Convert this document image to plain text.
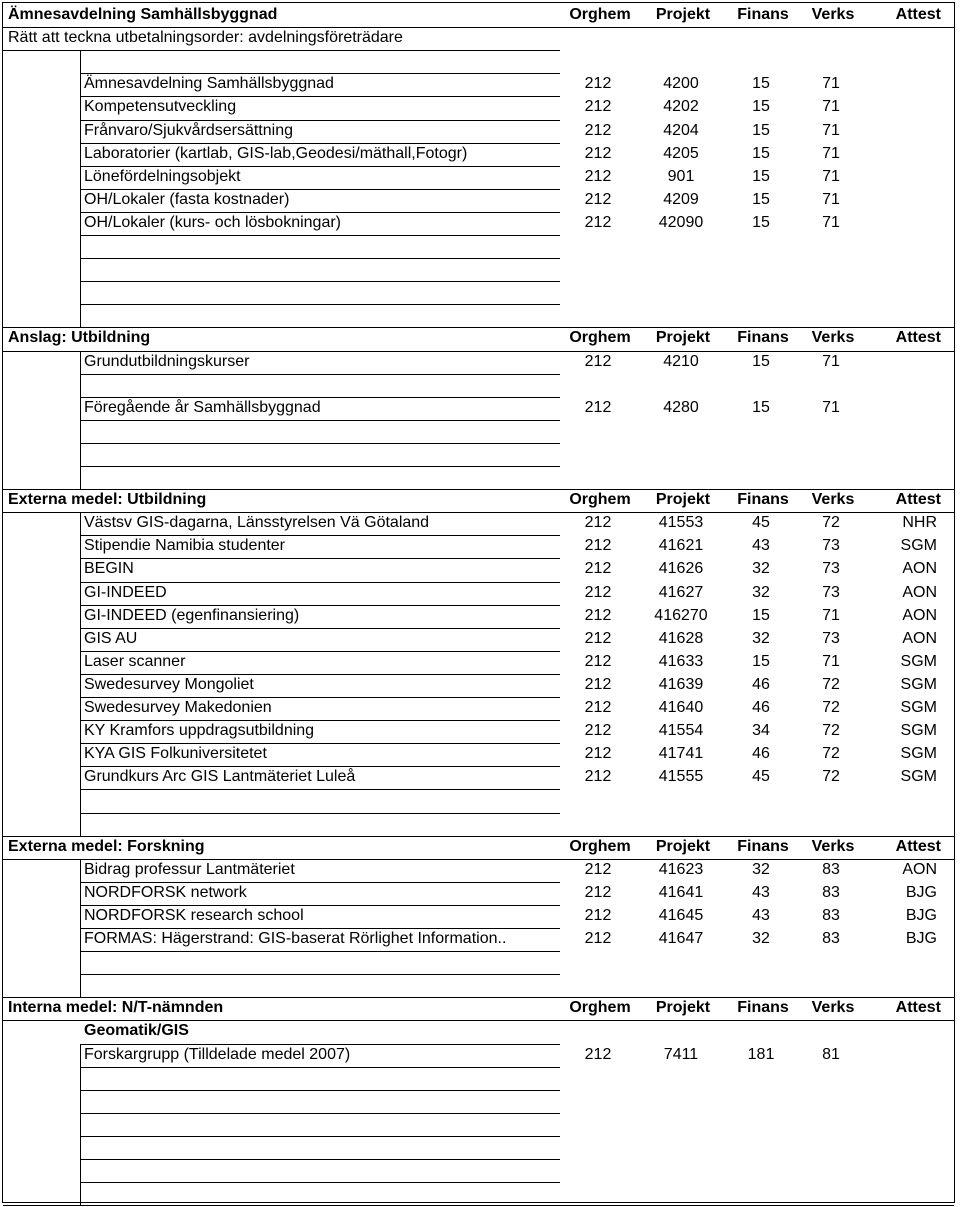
Ämnesavdelning Samhällsbyggnad	Orghem	Projekt	Finans	Verks	Attest
Rätt att teckna utbetalningsorder: avdelningsföreträdare
Ämnesavdelning Samhällsbyggnad	212	4200	15	71
Kompetensutveckling	212	4202	15	71
Frånvaro/Sjukvårdsersättning	212	4204	15	71
Laboratorier (kartlab, GIS-lab,Geodesi/mäthall,Fotogr)	212	4205	15	71
Lönefördelningsobjekt	212	901	15	71
OH/Lokaler (fasta kostnader)	212	4209	15	71
OH/Lokaler (kurs- och lösbokningar)	212	42090	15	71
Anslag: Utbildning	Orghem	Projekt	Finans	Verks	Attest
Grundutbildningskurser	212	4210	15	71
Föregående år Samhällsbyggnad	212	4280	15	71
Externa medel: Utbildning	Orghem	Projekt	Finans	Verks	Attest
Västsv GIS-dagarna, Länsstyrelsen Vä Götaland	212	41553	45	72	NHR
Stipendie Namibia studenter	212	41621	43	73	SGM
BEGIN	212	41626	32	73	AON
GI-INDEED	212	41627	32	73	AON
GI-INDEED (egenfinansiering)	212	416270	15	71	AON
GIS AU	212	41628	32	73	AON
Laser scanner	212	41633	15	71	SGM
Swedesurvey Mongoliet	212	41639	46	72	SGM
Swedesurvey Makedonien	212	41640	46	72	SGM
KY Kramfors uppdragsutbildning	212	41554	34	72	SGM
KYA GIS Folkuniversitetet	212	41741	46	72	SGM
Grundkurs Arc GIS Lantmäteriet Luleå	212	41555	45	72	SGM
Externa medel: Forskning	Orghem	Projekt	Finans	Verks	Attest
Bidrag professur Lantmäteriet	212	41623	32	83	AON
NORDFORSK network	212	41641	43	83	BJG
NORDFORSK research school	212	41645	43	83	BJG
FORMAS: Hägerstrand: GIS-baserat Rörlighet Information..	212	41647	32	83	BJG
Interna medel: N/T-nämnden	Orghem	Projekt	Finans	Verks	Attest
Geomatik/GIS
Forskargrupp (Tilldelade medel 2007)	212	7411	181	81
